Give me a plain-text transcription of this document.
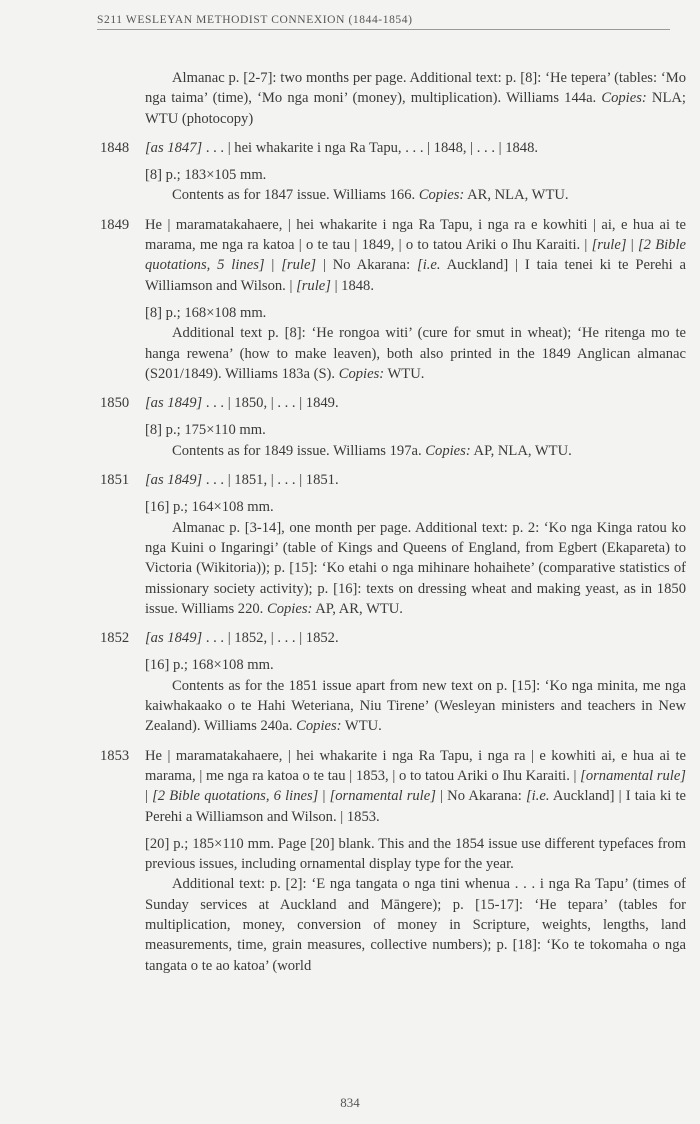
S211 WESLEYAN METHODIST CONNEXION (1844-1854)

Almanac p. [2-7]: two months per page. Additional text: p. [8]: ‘He tepera’ (tables: ‘Mo nga taima’ (time), ‘Mo nga moni’ (money), multiplication). Williams 144a. Copies: NLA; WTU (photocopy)

1848 [as 1847] . . . | hei whakarite i nga Ra Tapu, . . . | 1848, | . . . | 1848.

[8] p.; 183×105 mm.

Contents as for 1847 issue. Williams 166. Copies: AR, NLA, WTU.

1849 He | maramatakahaere, | hei whakarite i nga Ra Tapu, i nga ra e kowhiti | ai, e hua ai te marama, me nga ra katoa | o te tau | 1849, | o to tatou Ariki o Ihu Karaiti. | [rule] | [2 Bible quotations, 5 lines] | [rule] | No Akarana: [i.e. Auckland] | I taia tenei ki te Perehi a Williamson and Wilson. | [rule] | 1848.

[8] p.; 168×108 mm.

Additional text p. [8]: ‘He rongoa witi’ (cure for smut in wheat); ‘He ritenga mo te hanga rewena’ (how to make leaven), both also printed in the 1849 Anglican almanac (S201/1849). Williams 183a (S). Copies: WTU.

1850 [as 1849] . . . | 1850, | . . . | 1849.

[8] p.; 175×110 mm.

Contents as for 1849 issue. Williams 197a. Copies: AP, NLA, WTU.

1851 [as 1849] . . . | 1851, | . . . | 1851.

[16] p.; 164×108 mm.

Almanac p. [3-14], one month per page. Additional text: p. 2: ‘Ko nga Kinga ratou ko nga Kuini o Ingaringi’ (table of Kings and Queens of England, from Egbert (Ekapareta) to Victoria (Wikitoria)); p. [15]: ‘Ko etahi o nga mihinare hohaihete’ (comparative statistics of missionary society activity); p. [16]: texts on dressing wheat and making yeast, as in 1850 issue. Williams 220. Copies: AP, AR, WTU.

1852 [as 1849] . . . | 1852, | . . . | 1852.

[16] p.; 168×108 mm.

Contents as for the 1851 issue apart from new text on p. [15]: ‘Ko nga minita, me nga kaiwhakaako o te Hahi Weteriana, Niu Tirene’ (Wesleyan ministers and teachers in New Zealand). Williams 240a. Copies: WTU.

1853 He | maramatakahaere, | hei whakarite i nga Ra Tapu, i nga ra | e kowhiti ai, e hua ai te marama, | me nga ra katoa o te tau | 1853, | o to tatou Ariki o Ihu Karaiti. | [ornamental rule] | [2 Bible quotations, 6 lines] | [ornamental rule] | No Akarana: [i.e. Auckland] | I taia ki te Perehi a Williamson and Wilson. | 1853.

[20] p.; 185×110 mm. Page [20] blank. This and the 1854 issue use different typefaces from previous issues, including ornamental display type for the year.

Additional text: p. [2]: ‘E nga tangata o nga tini whenua . . . i nga Ra Tapu’ (times of Sunday services at Auckland and Māngere); p. [15-17]: ‘He tepara’ (tables for multiplication, money, conversion of money in Scripture, weights, lengths, land measurements, time, grain measures, collective numbers); p. [18]: ‘Ko te tokomaha o nga tangata o te ao katoa’ (world

834
